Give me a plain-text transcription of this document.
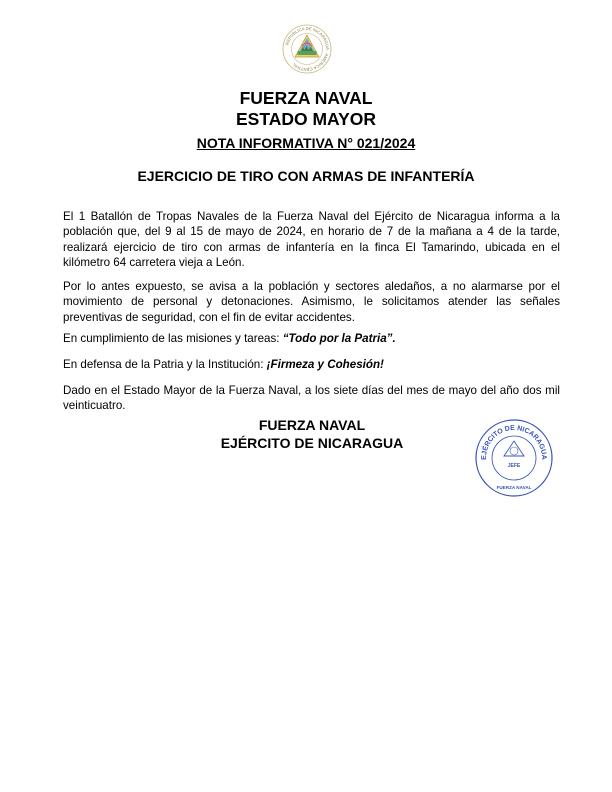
REPÚBLICA DE NICARAGUA · AMÉRICA CENTRAL
FUERZA NAVAL
ESTADO MAYOR
NOTA INFORMATIVA N° 021/2024
EJERCICIO DE TIRO CON ARMAS DE INFANTERÍA

El 1 Batallón de Tropas Navales de la Fuerza Naval del Ejército de Nicaragua informa a la población que, del 9 al 15 de mayo de 2024, en horario de 7 de la mañana a 4 de la tarde, realizará ejercicio de tiro con armas de infantería en la finca El Tamarindo, ubicada en el kilómetro 64 carretera vieja a León.

Por lo antes expuesto, se avisa a la población y sectores aledaños, a no alarmarse por el movimiento de personal y detonaciones. Asimismo, le solicitamos atender las señales preventivas de seguridad, con el fin de evitar accidentes.

En cumplimiento de las misiones y tareas: “Todo por la Patria”.

En defensa de la Patria y la Institución: ¡Firmeza y Cohesión!

Dado en el Estado Mayor de la Fuerza Naval, a los siete días del mes de mayo del año dos mil veinticuatro.

FUERZA NAVAL
EJÉRCITO DE NICARAGUA
EJÉRCITO DE NICARAGUA
JEFE
FUERZA NAVAL
